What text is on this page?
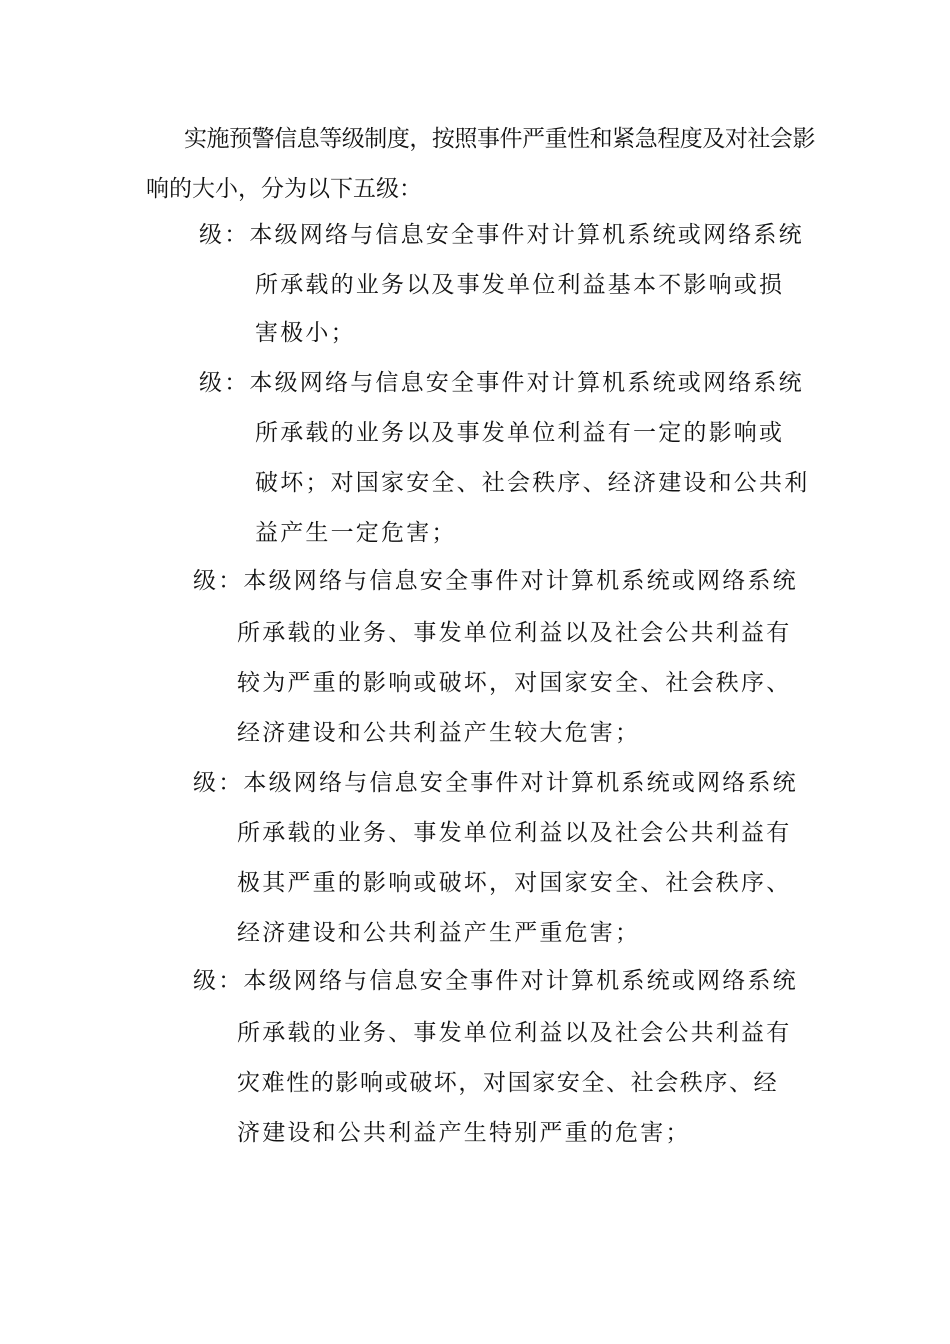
实施预警信息等级制度，按照事件严重性和紧急程度及对社会影
响的大小，分为以下五级：
级：本级网络与信息安全事件对计算机系统或网络系统
所承载的业务以及事发单位利益基本不影响或损
害极小；
级：本级网络与信息安全事件对计算机系统或网络系统
所承载的业务以及事发单位利益有一定的影响或
破坏；对国家安全、社会秩序、经济建设和公共利
益产生一定危害；
级：本级网络与信息安全事件对计算机系统或网络系统
所承载的业务、事发单位利益以及社会公共利益有
较为严重的影响或破坏，对国家安全、社会秩序、
经济建设和公共利益产生较大危害；
级：本级网络与信息安全事件对计算机系统或网络系统
所承载的业务、事发单位利益以及社会公共利益有
极其严重的影响或破坏，对国家安全、社会秩序、
经济建设和公共利益产生严重危害；
级：本级网络与信息安全事件对计算机系统或网络系统
所承载的业务、事发单位利益以及社会公共利益有
灾难性的影响或破坏，对国家安全、社会秩序、经
济建设和公共利益产生特别严重的危害；
